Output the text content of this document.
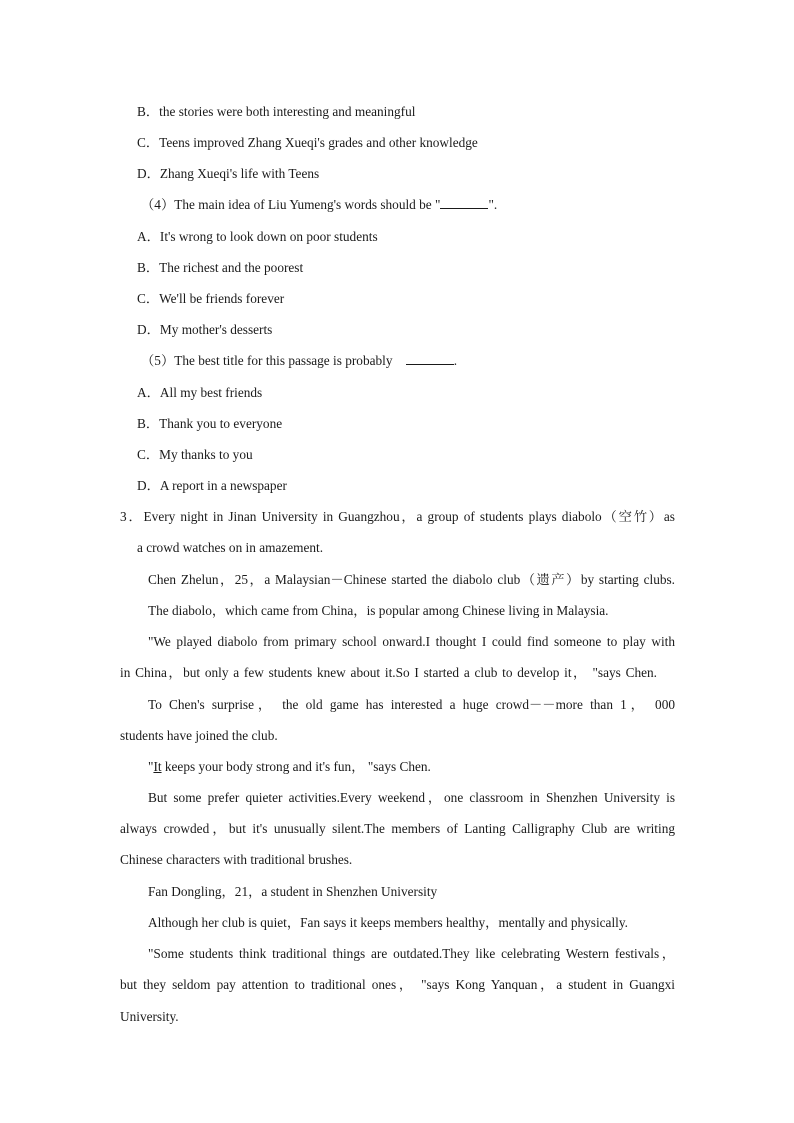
B．the stories were both interesting and meaningful
C．Teens improved Zhang Xueqi's grades and other knowledge
D．Zhang Xueqi's life with Teens
（4）The main idea of Liu Yumeng's words should be "	".
A．It's wrong to look down on poor students
B．The richest and the poorest
C．We'll be friends forever
D．My mother's desserts
（5）The best title for this passage is probably	.
A．All my best friends
B．Thank you to everyone
C．My thanks to you
D．A report in a newspaper
3．Every night in Jinan University in Guangzhou，a group of students plays diabolo（空竹）as
a crowd watches on in amazement.
Chen Zhelun，25，a Malaysian－Chinese started the diabolo club（遗产）by starting clubs.
The diabolo，which came from China，is popular among Chinese living in Malaysia.
"We played diabolo from primary school onward.I thought I could find someone to play with
in China，but only a few students knew about it.So I started a club to develop it， "says Chen.
To Chen's surprise， the old game has interested a huge crowd－－more than 1， 000
students have joined the club.
"It keeps your body strong and it's fun， "says Chen.
But some prefer quieter activities.Every weekend，one classroom in Shenzhen University is
always crowded，but it's unusually silent.The members of Lanting Calligraphy Club are writing
Chinese characters with traditional brushes.
Fan Dongling，21，a student in Shenzhen University
Although her club is quiet，Fan says it keeps members healthy，mentally and physically.
"Some students think traditional things are outdated.They like celebrating Western festivals，
but they seldom pay attention to traditional ones， "says Kong Yanquan，a student in Guangxi
University.
